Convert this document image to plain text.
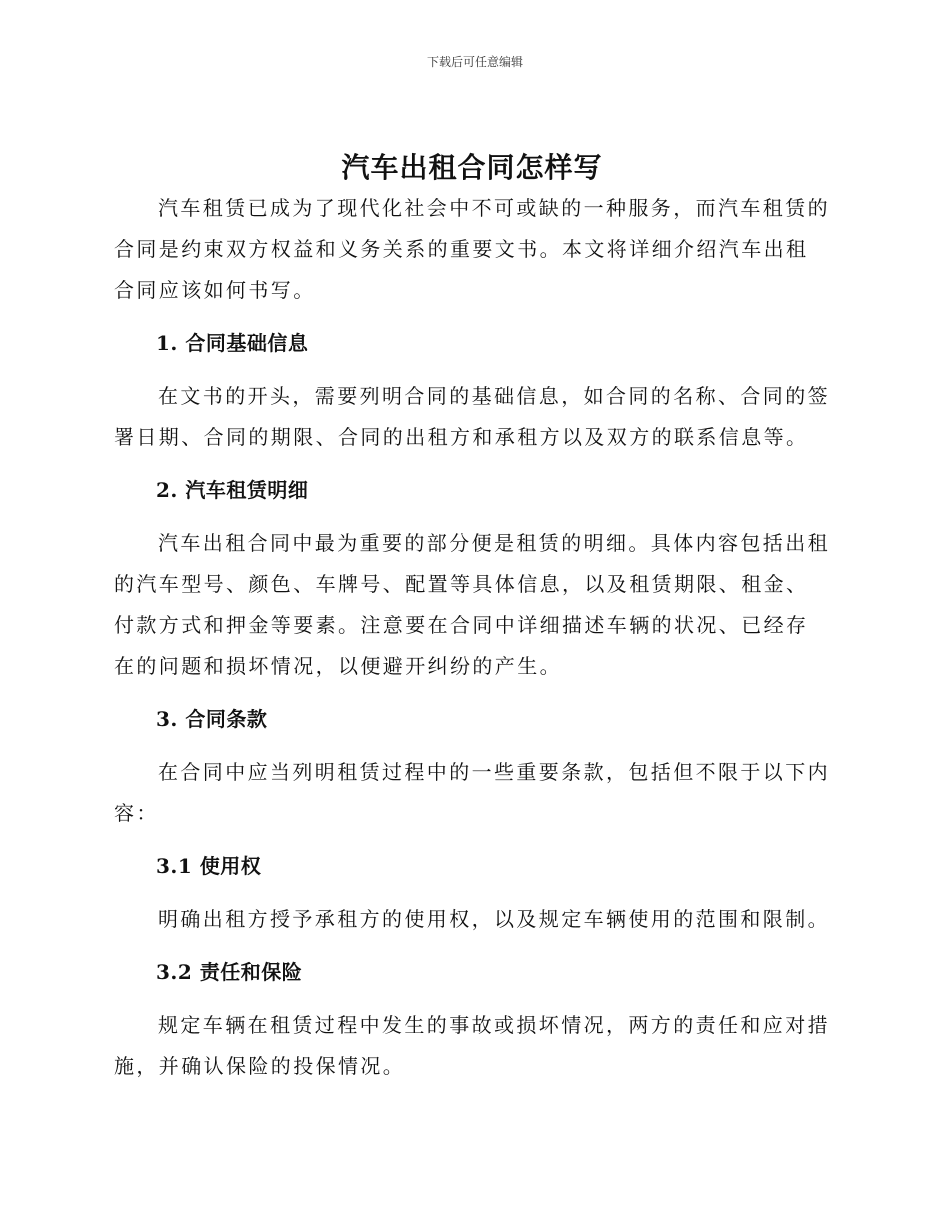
下载后可任意编辑
汽车出租合同怎样写

汽车租赁已成为了现代化社会中不可或缺的一种服务，而汽车租赁的合同是约束双方权益和义务关系的重要文书。本文将详细介绍汽车出租合同应该如何书写。

1. 合同基础信息

在文书的开头，需要列明合同的基础信息，如合同的名称、合同的签署日期、合同的期限、合同的出租方和承租方以及双方的联系信息等。

2. 汽车租赁明细

汽车出租合同中最为重要的部分便是租赁的明细。具体内容包括出租的汽车型号、颜色、车牌号、配置等具体信息，以及租赁期限、租金、付款方式和押金等要素。注意要在合同中详细描述车辆的状况、已经存在的问题和损坏情况，以便避开纠纷的产生。

3. 合同条款

在合同中应当列明租赁过程中的一些重要条款，包括但不限于以下内容：

3.1 使用权

明确出租方授予承租方的使用权，以及规定车辆使用的范围和限制。

3.2 责任和保险

规定车辆在租赁过程中发生的事故或损坏情况，两方的责任和应对措施，并确认保险的投保情况。
